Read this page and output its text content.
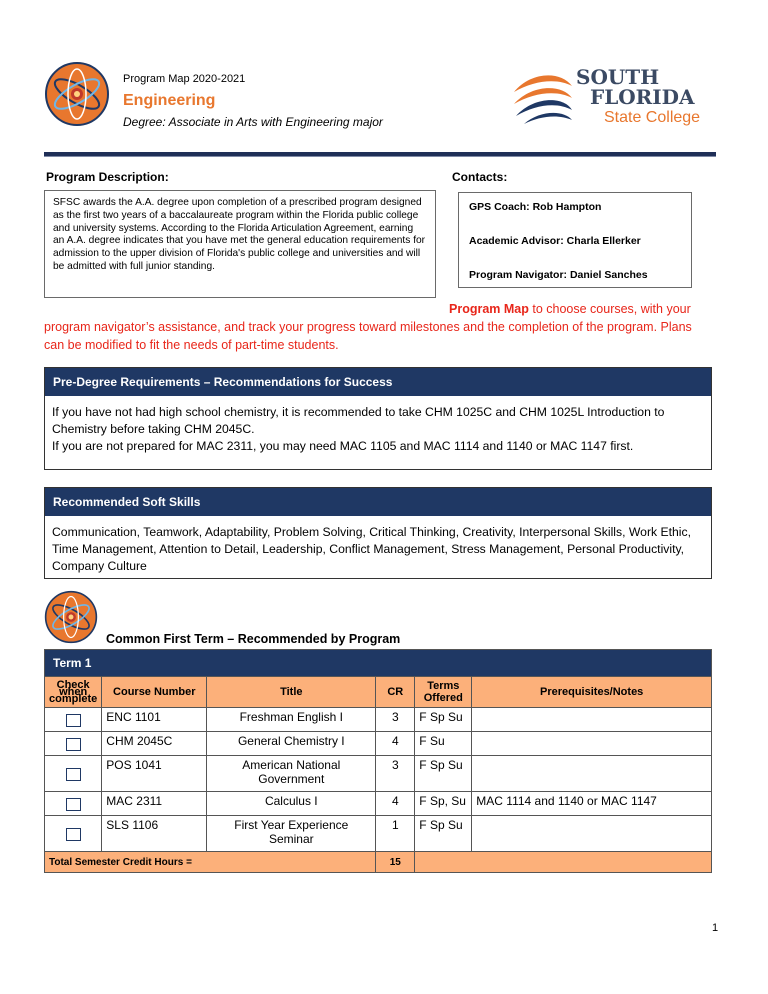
Program Map 2020-2021
Engineering
Degree: Associate in Arts with Engineering major
SOUTH
FLORIDA
State College
Program Description:	Contacts:
SFSC awards the A.A. degree upon completion of a prescribed program designed as the first two years of a baccalaureate program within the Florida public college and university systems. According to the Florida Articulation Agreement, earning an A.A. degree indicates that you have met the general education requirements for admission to the upper division of Florida's public college and universities and will be admitted with full junior standing.
GPS Coach: Rob Hampton
Academic Advisor: Charla Ellerker
Program Navigator: Daniel Sanches
Program Map to choose courses, with your
program navigator’s assistance, and track your progress toward milestones and the completion of the program. Plans can be modified to fit the needs of part-time students.
Pre-Degree Requirements – Recommendations for Success
If you have not had high school chemistry, it is recommended to take CHM 1025C and CHM 1025L Introduction to Chemistry before taking CHM 2045C.
If you are not prepared for MAC 2311, you may need MAC 1105 and MAC 1114 and 1140 or MAC 1147 first.
Recommended Soft Skills
Communication, Teamwork, Adaptability, Problem Solving, Critical Thinking, Creativity, Interpersonal Skills, Work Ethic, Time Management, Attention to Detail, Leadership, Conflict Management, Stress Management, Personal Productivity, Company Culture
Common First Term – Recommended by Program
Term 1					
Check when complete	Course Number	Title	CR	Terms Offered	Prerequisites/Notes

	ENC 1101	Freshman English I	3	F Sp Su	

	CHM 2045C	General Chemistry I	4	F Su	

	POS 1041	American National Government	3	F Sp Su	

	MAC 2311	Calculus I	4	F Sp, Su	MAC 1114 and 1140 or MAC 1147

	SLS 1106	First Year Experience Seminar	1	F Sp Su	
Total Semester Credit Hours =			15		
1
